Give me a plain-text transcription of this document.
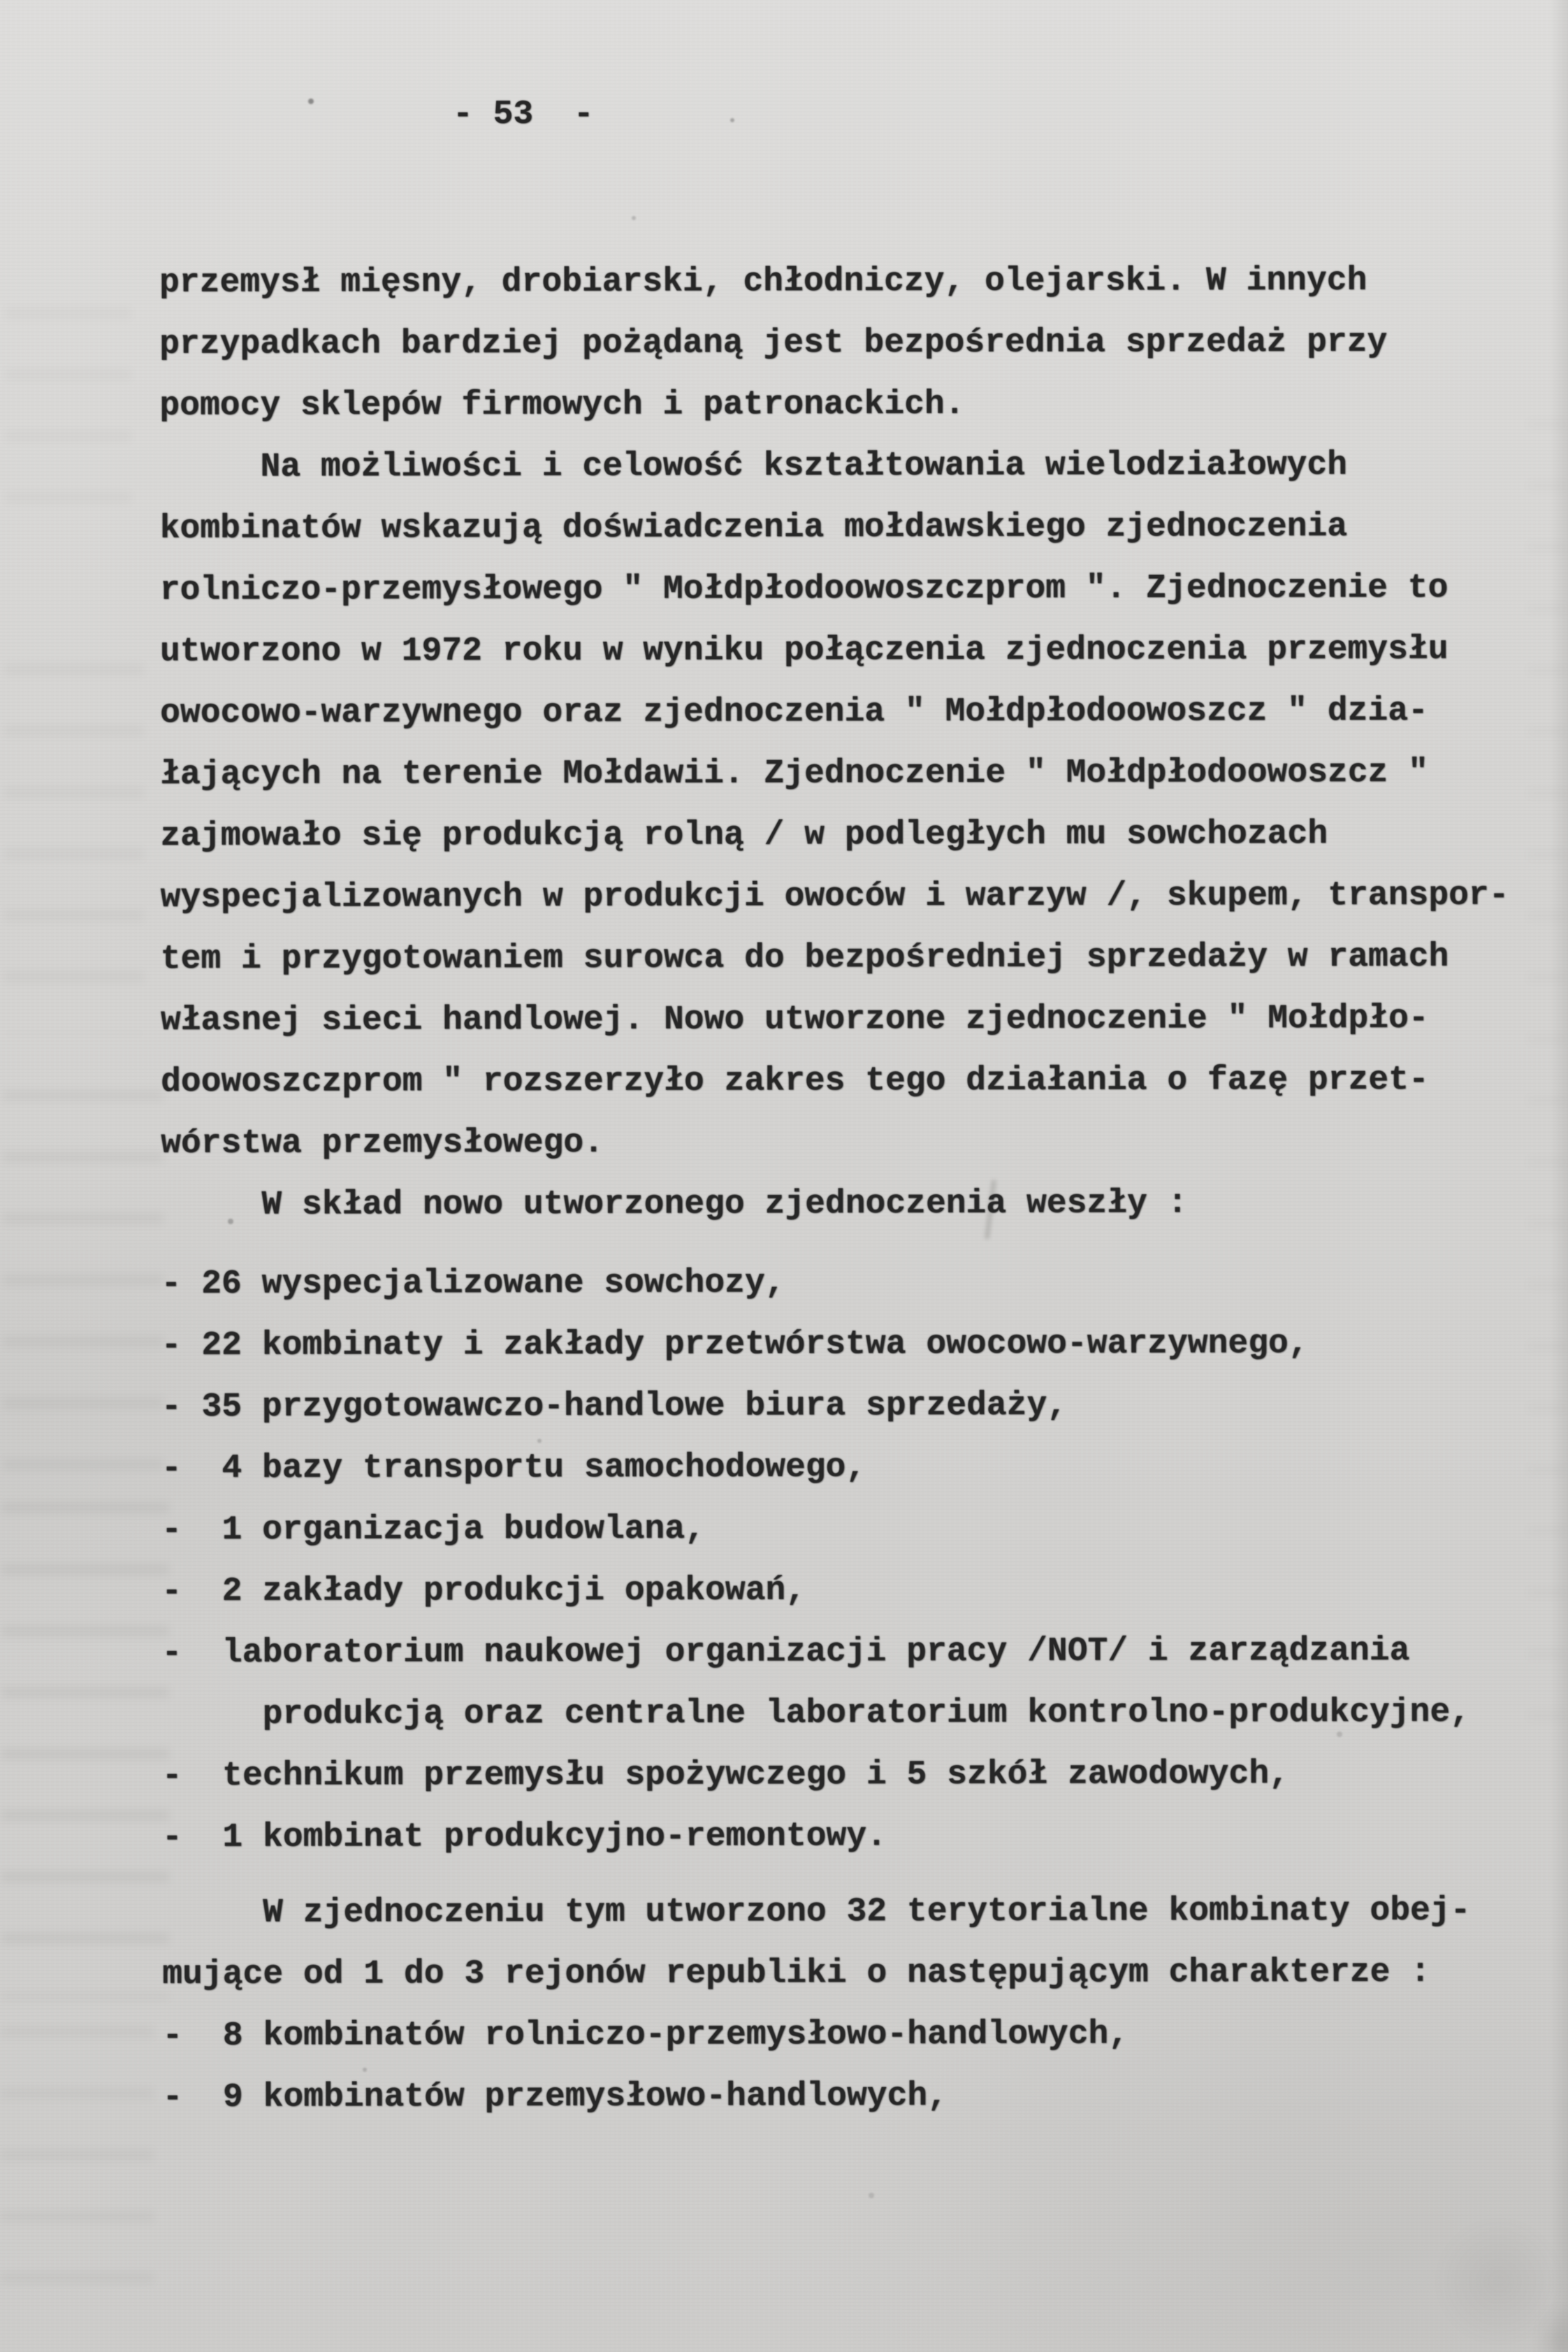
- 53  -
przemysł mięsny, drobiarski, chłodniczy, olejarski. W innych
przypadkach bardziej pożądaną jest bezpośrednia sprzedaż przy
pomocy sklepów firmowych i patronackich.
Na możliwości i celowość kształtowania wielodziałowych
kombinatów wskazują doświadczenia mołdawskiego zjednoczenia
rolniczo-przemysłowego " Mołdpłodoowoszczprom ". Zjednoczenie to
utworzono w 1972 roku w wyniku połączenia zjednoczenia przemysłu
owocowo-warzywnego oraz zjednoczenia " Mołdpłodoowoszcz " dzia-
łających na terenie Mołdawii. Zjednoczenie " Mołdpłodoowoszcz "
zajmowało się produkcją rolną / w podległych mu sowchozach
wyspecjalizowanych w produkcji owoców i warzyw /, skupem, transpor-
tem i przygotowaniem surowca do bezpośredniej sprzedaży w ramach
własnej sieci handlowej. Nowo utworzone zjednoczenie " Mołdpło-
doowoszczprom " rozszerzyło zakres tego działania o fazę przet-
wórstwa przemysłowego.
W skład nowo utworzonego zjednoczenia weszły :
- 26 wyspecjalizowane sowchozy,
- 22 kombinaty i zakłady przetwórstwa owocowo-warzywnego,
- 35 przygotowawczo-handlowe biura sprzedaży,
-  4 bazy transportu samochodowego,
-  1 organizacja budowlana,
-  2 zakłady produkcji opakowań,
-  laboratorium naukowej organizacji pracy /NOT/ i zarządzania
produkcją oraz centralne laboratorium kontrolno-produkcyjne,
-  technikum przemysłu spożywczego i 5 szkół zawodowych,
-  1 kombinat produkcyjno-remontowy.
W zjednoczeniu tym utworzono 32 terytorialne kombinaty obej-
mujące od 1 do 3 rejonów republiki o następującym charakterze :
-  8 kombinatów rolniczo-przemysłowo-handlowych,
-  9 kombinatów przemysłowo-handlowych,
